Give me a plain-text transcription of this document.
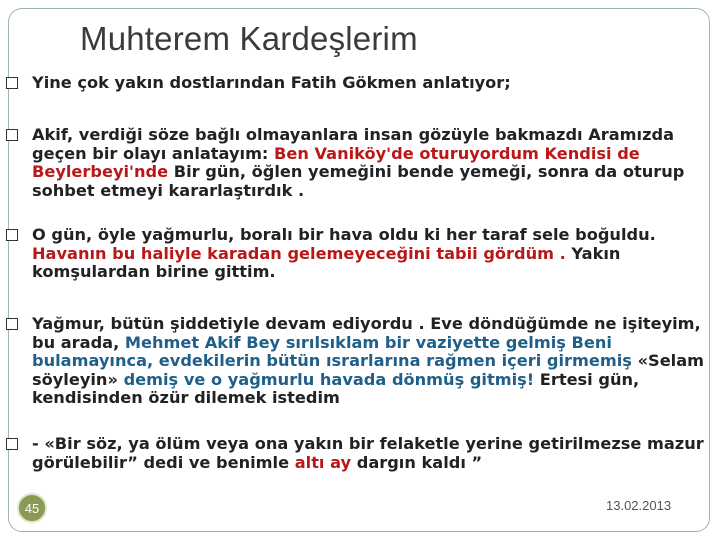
Muhterem Kardeşlerim
Yine çok yakın dostlarından Fatih Gökmen anlatıyor;
Akif, verdiği söze bağlı olmayanlara insan gözüyle bakmazdı Aramızda geçen bir olayı anlatayım: Ben Vaniköy'de oturuyordum Kendisi de Beylerbeyi'nde Bir gün, öğlen yemeğini bende yemeği, sonra da oturup sohbet etmeyi kararlaştırdık .
O gün, öyle yağmurlu, boralı bir hava oldu ki her taraf sele boğuldu. Havanın bu haliyle karadan gelemeyeceğini tabii gördüm . Yakın komşulardan birine gittim.
Yağmur, bütün şiddetiyle devam ediyordu . Eve döndüğümde ne işiteyim, bu arada, Mehmet Akif Bey sırılsıklam bir vaziyette gelmiş Beni bulamayınca, evdekilerin bütün ısrarlarına rağmen içeri girmemiş «Selam söyleyin» demiş ve o yağmurlu havada dönmüş gitmiş! Ertesi gün, kendisinden özür dilemek istedim
- «Bir söz, ya ölüm veya ona yakın bir felaketle yerine getirilmezse mazur görülebilir” dedi ve benimle altı ay dargın kaldı ”
45	13.02.2013
